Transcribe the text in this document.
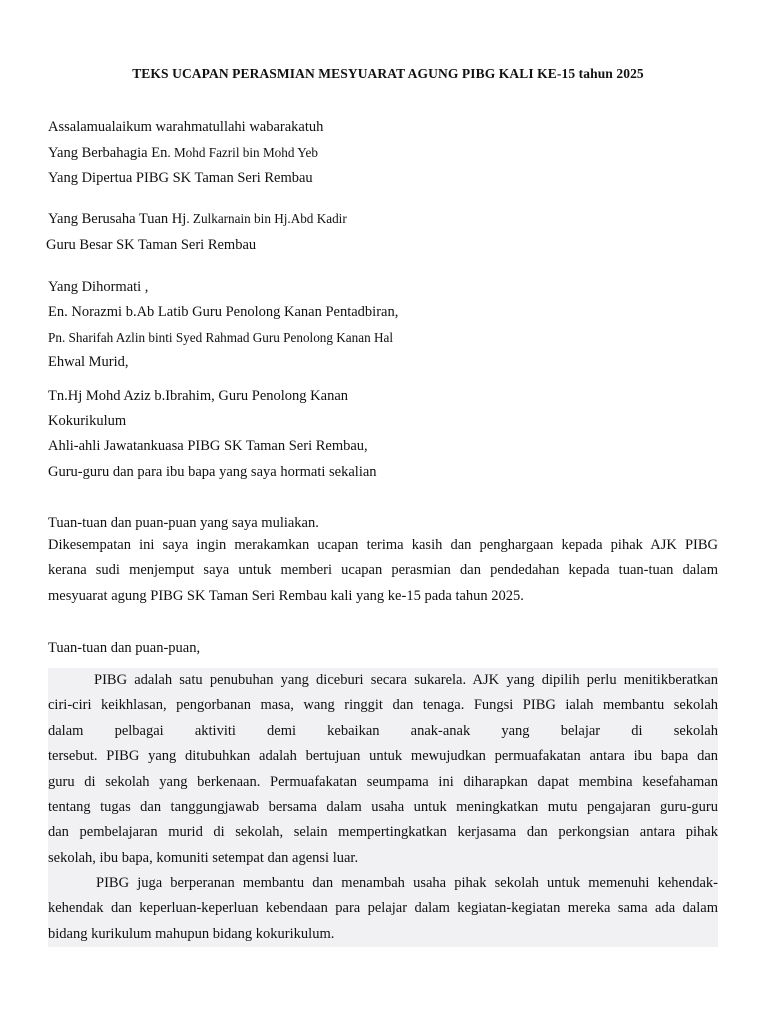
TEKS UCAPAN PERASMIAN MESYUARAT AGUNG PIBG KALI KE-15 tahun 2025
Assalamualaikum warahmatullahi wabarakatuh
Yang Berbahagia En. Mohd Fazril bin Mohd Yeb
Yang Dipertua PIBG SK Taman Seri Rembau
Yang Berusaha Tuan Hj. Zulkarnain bin Hj.Abd Kadir
Guru Besar SK Taman Seri Rembau
Yang Dihormati ,
En. Norazmi b.Ab Latib Guru Penolong Kanan Pentadbiran,
Pn. Sharifah Azlin binti Syed Rahmad Guru Penolong Kanan Hal
Ehwal Murid,
Tn.Hj Mohd Aziz b.Ibrahim, Guru Penolong Kanan
Kokurikulum
Ahli-ahli Jawatankuasa PIBG SK Taman Seri Rembau,
Guru-guru dan para ibu bapa yang saya hormati sekalian
Tuan-tuan dan puan-puan yang saya muliakan.
Dikesempatan ini saya ingin merakamkan ucapan terima kasih dan penghargaan kepada pihak AJK PIBG
kerana sudi menjemput saya untuk memberi ucapan perasmian dan pendedahan kepada tuan-tuan dalam
mesyuarat agung PIBG SK Taman Seri Rembau kali yang ke-15 pada tahun 2025.
Tuan-tuan dan puan-puan,
PIBG adalah satu penubuhan yang diceburi secara sukarela. AJK yang dipilih perlu menitikberatkan
ciri-ciri keikhlasan, pengorbanan masa, wang ringgit dan tenaga. Fungsi PIBG ialah membantu sekolah
dalam pelbagai aktiviti demi kebaikan anak-anak yang belajar di sekolah
tersebut. PIBG yang ditubuhkan adalah bertujuan untuk mewujudkan permuafakatan antara ibu bapa dan
guru di sekolah yang berkenaan. Permuafakatan seumpama ini diharapkan dapat membina kesefahaman
tentang tugas dan tanggungjawab bersama dalam usaha untuk meningkatkan mutu pengajaran guru-guru
dan pembelajaran murid di sekolah, selain mempertingkatkan kerjasama dan perkongsian antara pihak
sekolah, ibu bapa, komuniti setempat dan agensi luar.
PIBG juga berperanan membantu dan menambah usaha pihak sekolah untuk memenuhi kehendak-
kehendak dan keperluan-keperluan kebendaan para pelajar dalam kegiatan-kegiatan mereka sama ada dalam
bidang kurikulum mahupun bidang kokurikulum.
